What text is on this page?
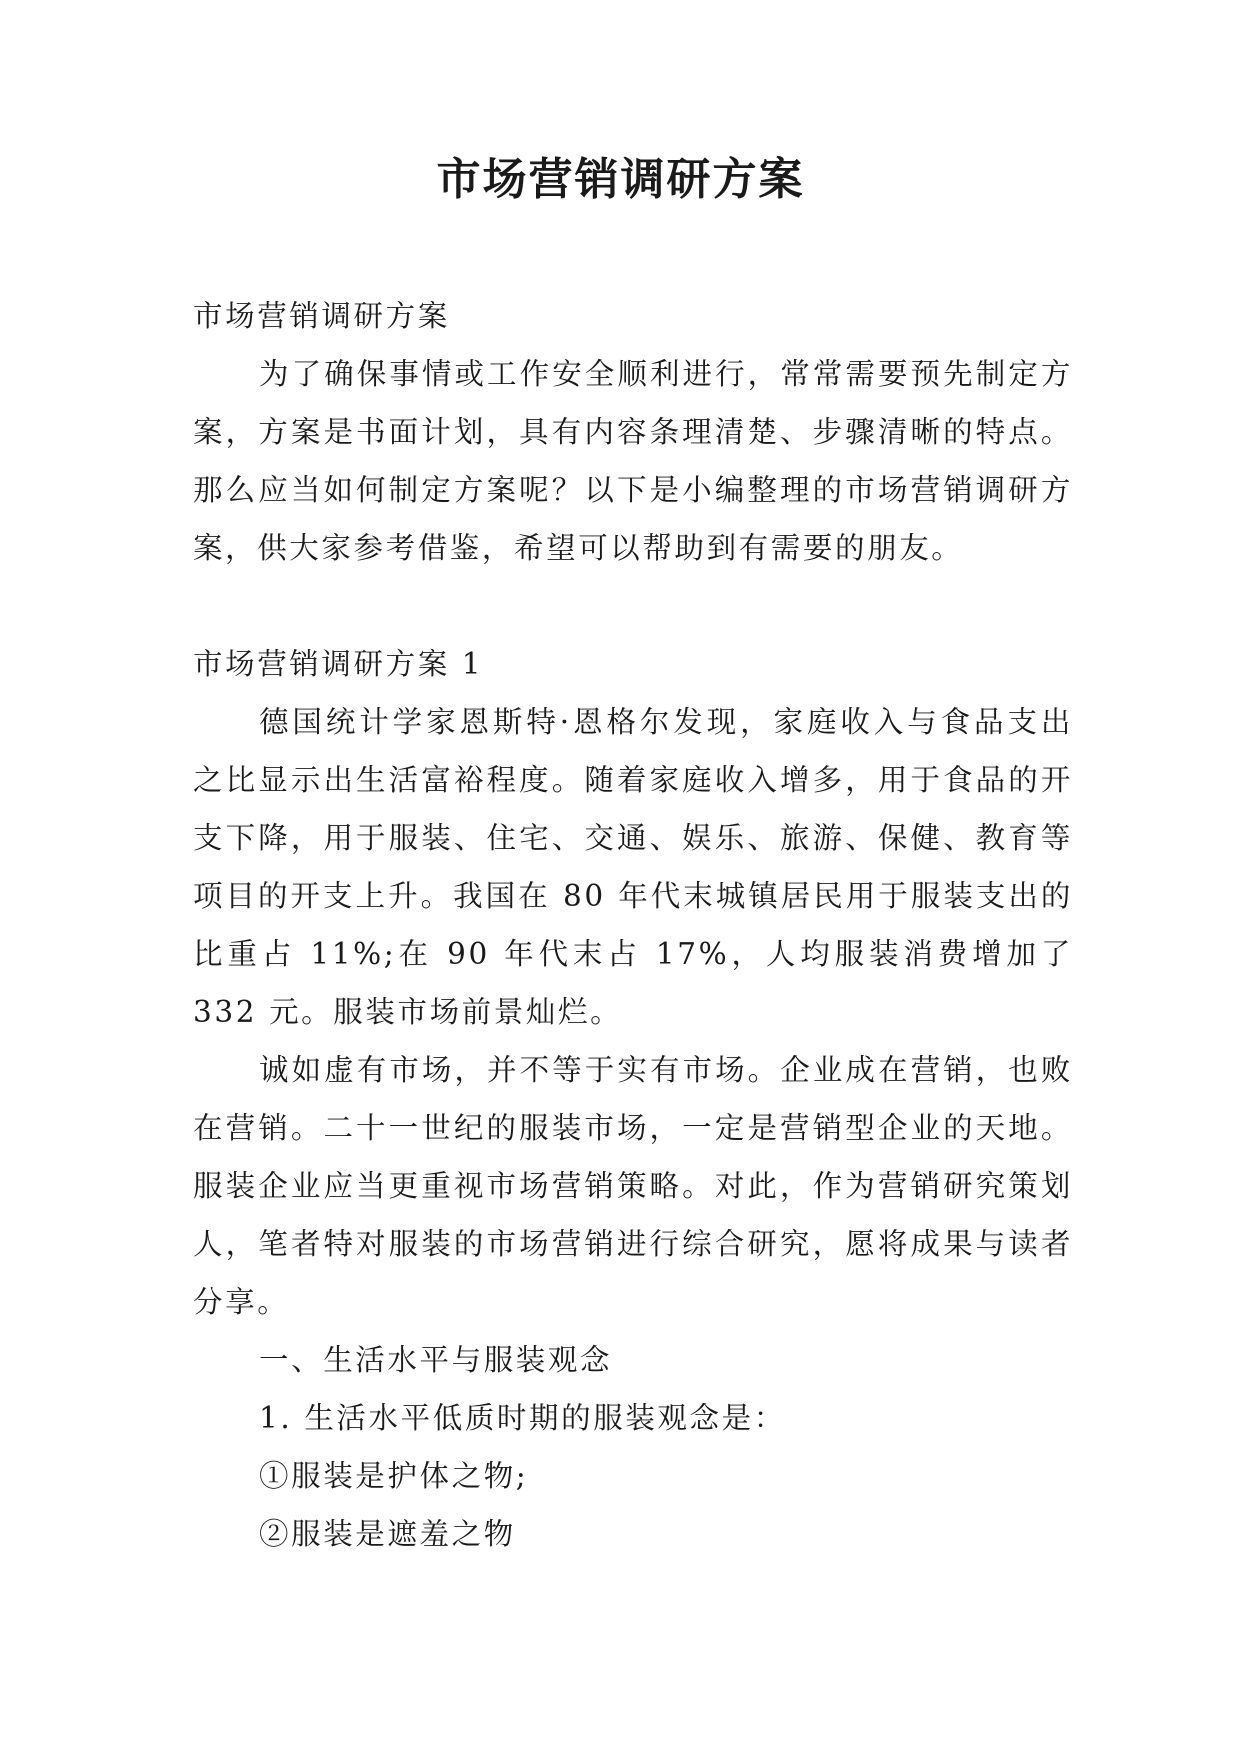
市场营销调研方案

市场营销调研方案

为了确保事情或工作安全顺利进行，常常需要预先制定方案，方案是书面计划，具有内容条理清楚、步骤清晰的特点。那么应当如何制定方案呢？以下是小编整理的市场营销调研方案，供大家参考借鉴，希望可以帮助到有需要的朋友。

市场营销调研方案 1

德国统计学家恩斯特·恩格尔发现，家庭收入与食品支出之比显示出生活富裕程度。随着家庭收入增多，用于食品的开支下降，用于服装、住宅、交通、娱乐、旅游、保健、教育等项目的开支上升。我国在 80 年代末城镇居民用于服装支出的比重占 11%;在 90 年代末占 17%，人均服装消费增加了 332 元。服装市场前景灿烂。

诚如虚有市场，并不等于实有市场。企业成在营销，也败在营销。二十一世纪的服装市场，一定是营销型企业的天地。服装企业应当更重视市场营销策略。对此，作为营销研究策划人，笔者特对服装的市场营销进行综合研究，愿将成果与读者分享。

一、生活水平与服装观念

1. 生活水平低质时期的服装观念是：

①服装是护体之物;

②服装是遮羞之物
